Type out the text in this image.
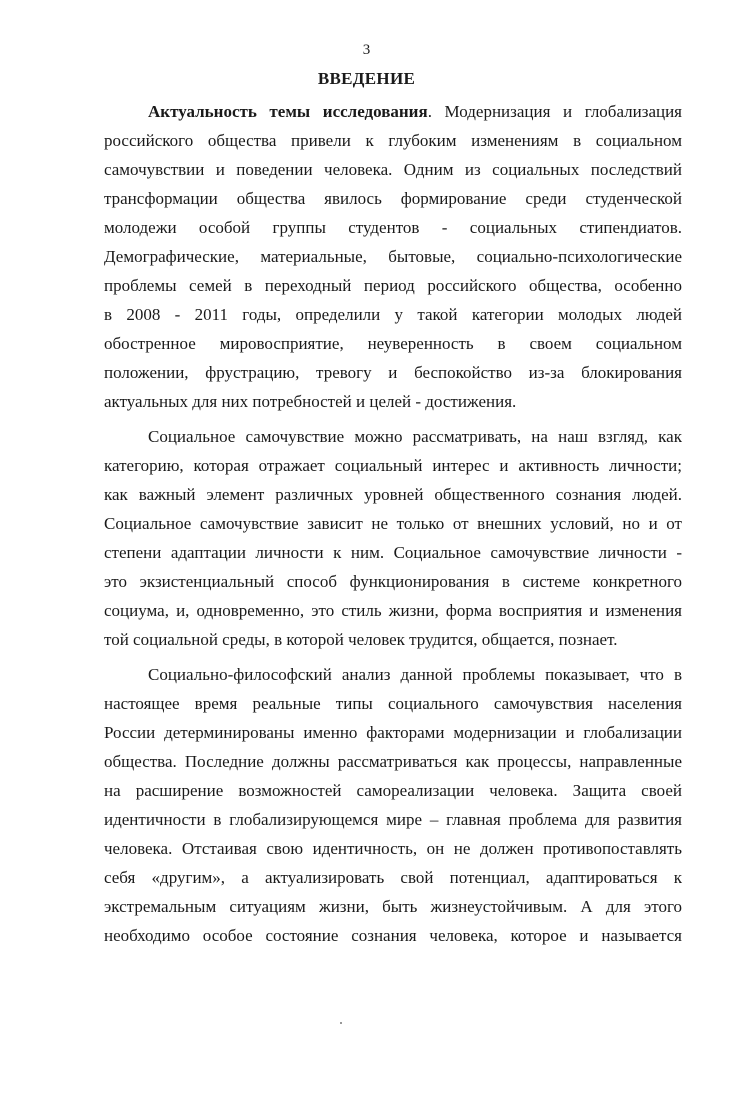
3
ВВЕДЕНИЕ
Актуальность темы исследования. Модернизация и глобализация
российского общества привели к глубоким изменениям в социальном
самочувствии и поведении человека. Одним из социальных последствий
трансформации общества явилось формирование среди студенческой
молодежи особой группы студентов - социальных стипендиатов.
Демографические, материальные, бытовые, социально-психологические
проблемы семей в переходный период российского общества, особенно
в 2008 - 2011 годы, определили у такой категории молодых людей
обостренное мировосприятие, неуверенность в своем социальном
положении, фрустрацию, тревогу и беспокойство из-за блокирования
актуальных для них потребностей и целей - достижения.
Социальное самочувствие можно рассматривать, на наш взгляд, как
категорию, которая отражает социальный интерес и активность личности;
как важный элемент различных уровней общественного сознания людей.
Социальное самочувствие зависит не только от внешних условий, но и от
степени адаптации личности к ним. Социальное самочувствие личности -
это экзистенциальный способ функционирования в системе конкретного
социума, и, одновременно, это стиль жизни, форма восприятия и изменения
той социальной среды, в которой человек трудится, общается, познает.
Социально-философский анализ данной проблемы показывает, что в
настоящее время реальные типы социального самочувствия населения
России детерминированы именно факторами модернизации и глобализации
общества. Последние должны рассматриваться как процессы, направленные
на расширение возможностей самореализации человека. Защита своей
идентичности в глобализирующемся мире – главная проблема для развития
человека. Отстаивая свою идентичность, он не должен противопоставлять
себя «другим», а актуализировать свой потенциал, адаптироваться к
экстремальным ситуациям жизни, быть жизнеустойчивым. А для этого
необходимо особое состояние сознания человека, которое и называется
